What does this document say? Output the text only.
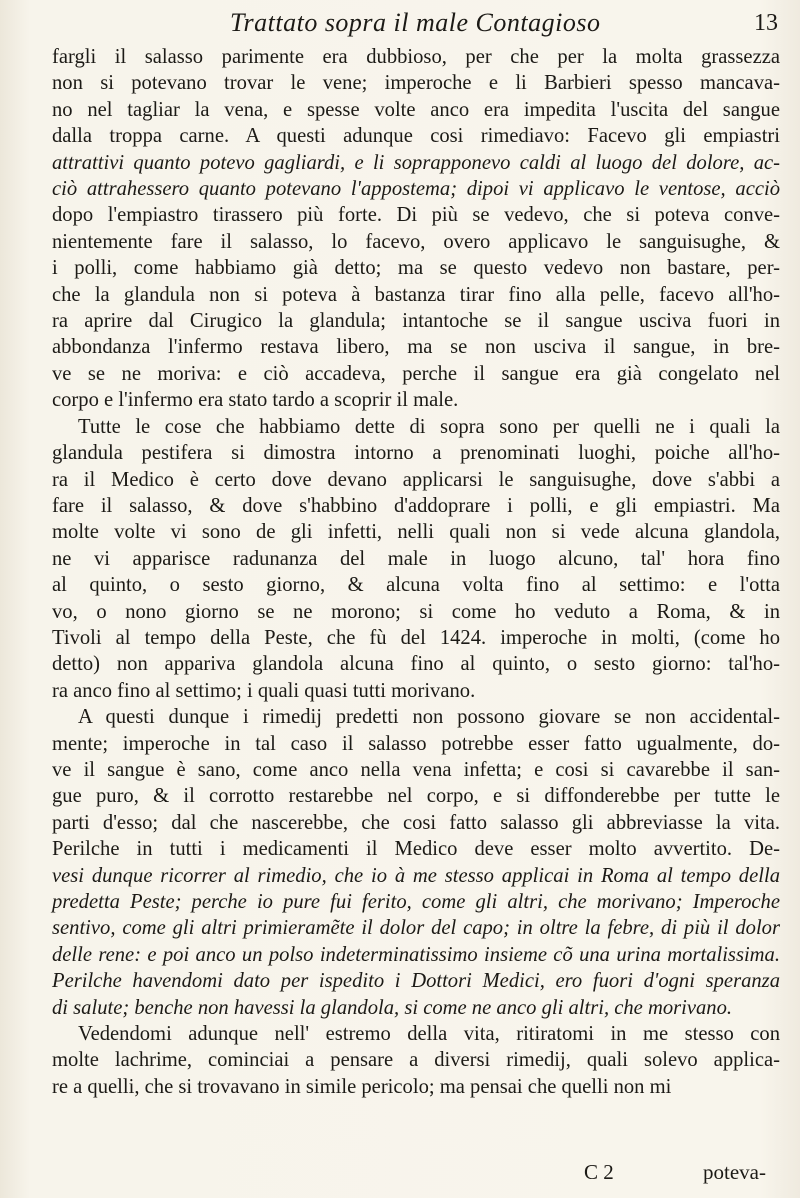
Trattato sopra il male Contagioso	13
fargli il salasso parimente era dubbioso, per che per la molta grassezza
non si potevano trovar le vene; imperoche e li Barbieri spesso mancava-
no nel tagliar la vena, e spesse volte anco era impedita l'uscita del sangue
dalla troppa carne. A questi adunque cosi rimediavo: Facevo gli empiastri
attrattivi quanto potevo gagliardi, e li soprapponevo caldi al luogo del dolore, ac-
ciò attrahessero quanto potevano l'appostema; dipoi vi applicavo le ventose, acciò
dopo l'empiastro tirassero più forte. Di più se vedevo, che si poteva conve-
nientemente fare il salasso, lo facevo, overo applicavo le sanguisughe, &
i polli, come habbiamo già detto; ma se questo vedevo non bastare, per-
che la glandula non si poteva à bastanza tirar fino alla pelle, facevo all'ho-
ra aprire dal Cirugico la glandula; intantoche se il sangue usciva fuori in
abbondanza l'infermo restava libero, ma se non usciva il sangue, in bre-
ve se ne moriva: e ciò accadeva, perche il sangue era già congelato nel
corpo e l'infermo era stato tardo a scoprir il male.
Tutte le cose che habbiamo dette di sopra sono per quelli ne i quali la
glandula pestifera si dimostra intorno a prenominati luoghi, poiche all'ho-
ra il Medico è certo dove devano applicarsi le sanguisughe, dove s'abbi a
fare il salasso, & dove s'habbino d'addoprare i polli, e gli empiastri. Ma
molte volte vi sono de gli infetti, nelli quali non si vede alcuna glandola,
ne vi apparisce radunanza del male in luogo alcuno, tal' hora fino
al quinto, o sesto giorno, & alcuna volta fino al settimo: e l'otta
vo, o nono giorno se ne morono; si come ho veduto a Roma, & in
Tivoli al tempo della Peste, che fù del 1424. imperoche in molti, (come ho
detto) non appariva glandola alcuna fino al quinto, o sesto giorno: tal'ho-
ra anco fino al settimo; i quali quasi tutti morivano.
A questi dunque i rimedij predetti non possono giovare se non accidental-
mente; imperoche in tal caso il salasso potrebbe esser fatto ugualmente, do-
ve il sangue è sano, come anco nella vena infetta; e cosi si cavarebbe il san-
gue puro, & il corrotto restarebbe nel corpo, e si diffonderebbe per tutte le
parti d'esso; dal che nascerebbe, che cosi fatto salasso gli abbreviasse la vita.
Perilche in tutti i medicamenti il Medico deve esser molto avvertito. De-
vesi dunque ricorrer al rimedio, che io à me stesso applicai in Roma al tempo della
predetta Peste; perche io pure fui ferito, come gli altri, che morivano; Imperoche
sentivo, come gli altri primieramẽte il dolor del capo; in oltre la febre, di più il dolor
delle rene: e poi anco un polso indeterminatissimo insieme cõ una urina mortalissima.
Perilche havendomi dato per ispedito i Dottori Medici, ero fuori d'ogni speranza
di salute; benche non havessi la glandola, si come ne anco gli altri, che morivano.
Vedendomi adunque nell' estremo della vita, ritiratomi in me stesso con
molte lachrime, cominciai a pensare a diversi rimedij, quali solevo applica-
re a quelli, che si trovavano in simile pericolo; ma pensai che quelli non mi
C 2	poteva-
